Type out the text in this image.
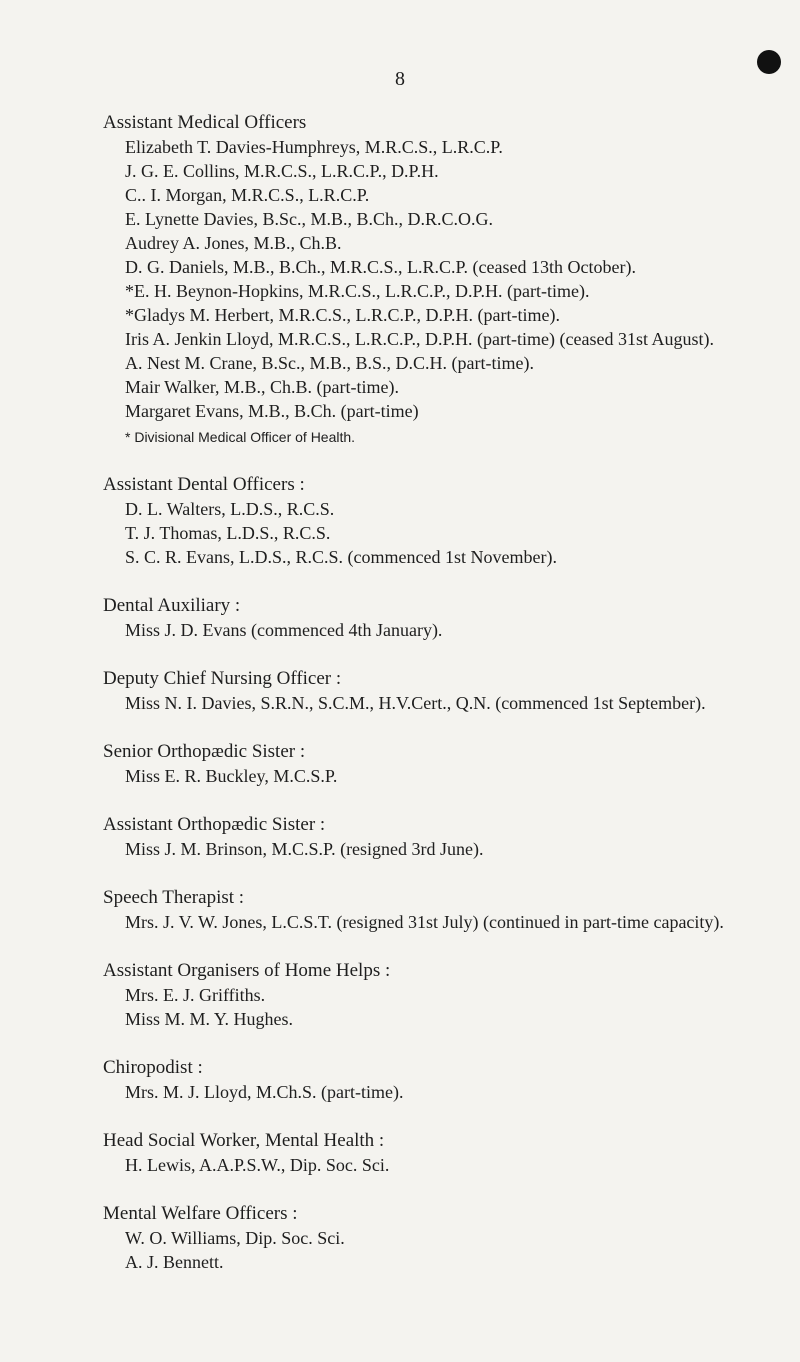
8

Assistant Medical Officers

Elizabeth T. Davies-Humphreys, M.R.C.S., L.R.C.P.
J. G. E. Collins, M.R.C.S., L.R.C.P., D.P.H.
C.. I. Morgan, M.R.C.S., L.R.C.P.
E. Lynette Davies, B.Sc., M.B., B.Ch., D.R.C.O.G.
Audrey A. Jones, M.B., Ch.B.
D. G. Daniels, M.B., B.Ch., M.R.C.S., L.R.C.P. (ceased 13th October).
*E. H. Beynon-Hopkins, M.R.C.S., L.R.C.P., D.P.H. (part-time).
*Gladys M. Herbert, M.R.C.S., L.R.C.P., D.P.H. (part-time).
Iris A. Jenkin Lloyd, M.R.C.S., L.R.C.P., D.P.H. (part-time) (ceased 31st August).
A. Nest M. Crane, B.Sc., M.B., B.S., D.C.H. (part-time).
Mair Walker, M.B., Ch.B. (part-time).
Margaret Evans, M.B., B.Ch. (part-time)
* Divisional Medical Officer of Health.

Assistant Dental Officers :

D. L. Walters, L.D.S., R.C.S.
T. J. Thomas, L.D.S., R.C.S.
S. C. R. Evans, L.D.S., R.C.S. (commenced 1st November).

Dental Auxiliary :

Miss J. D. Evans (commenced 4th January).

Deputy Chief Nursing Officer :

Miss N. I. Davies, S.R.N., S.C.M., H.V.Cert., Q.N. (commenced 1st September).

Senior Orthopædic Sister :

Miss E. R. Buckley, M.C.S.P.

Assistant Orthopædic Sister :

Miss J. M. Brinson, M.C.S.P. (resigned 3rd June).

Speech Therapist :

Mrs. J. V. W. Jones, L.C.S.T. (resigned 31st July) (continued in part-time capacity).

Assistant Organisers of Home Helps :

Mrs. E. J. Griffiths.
Miss M. M. Y. Hughes.

Chiropodist :

Mrs. M. J. Lloyd, M.Ch.S. (part-time).

Head Social Worker, Mental Health :

H. Lewis, A.A.P.S.W., Dip. Soc. Sci.

Mental Welfare Officers :

W. O. Williams, Dip. Soc. Sci.
A. J. Bennett.
